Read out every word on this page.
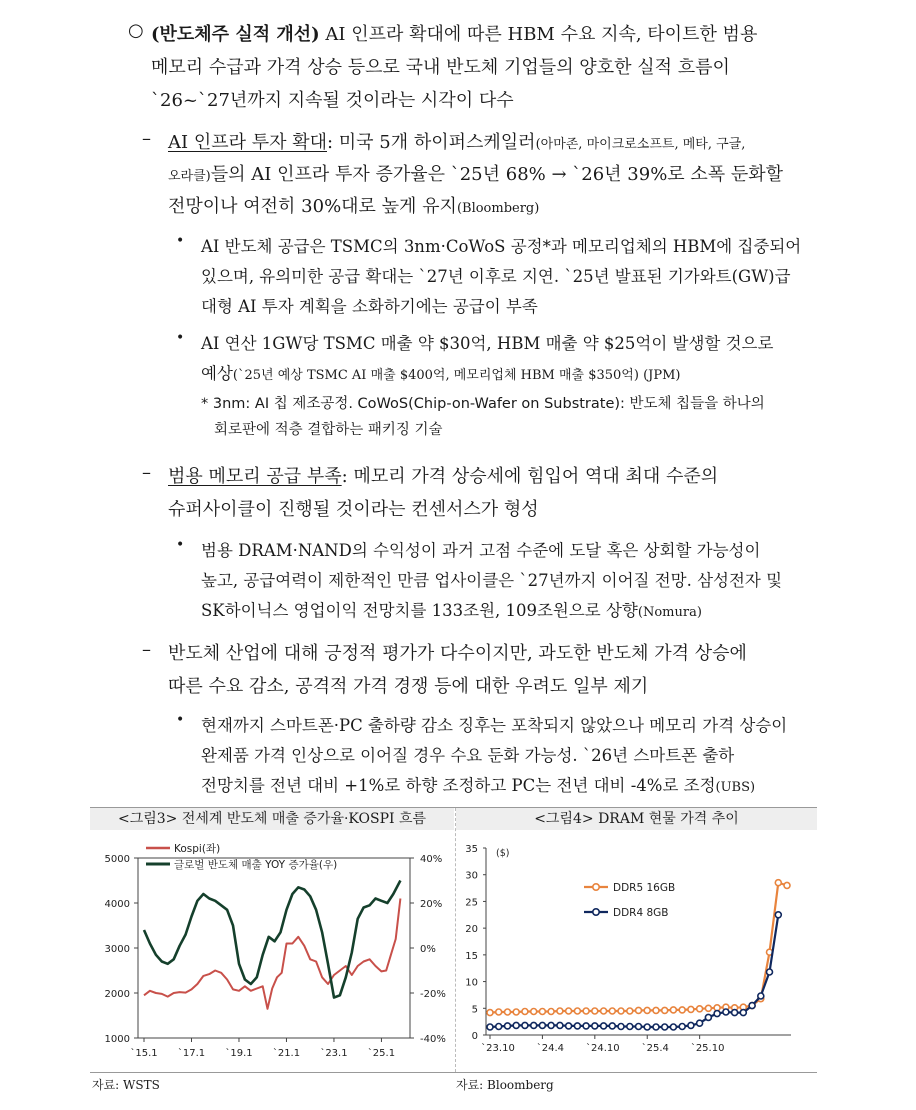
○ (반도체주 실적 개선) AI 인프라 확대에 따른 HBM 수요 지속, 타이트한 범용
메모리 수급과 가격 상승 등으로 국내 반도체 기업들의 양호한 실적 흐름이
`26~`27년까지 지속될 것이라는 시각이 다수
– AI 인프라 투자 확대: 미국 5개 하이퍼스케일러(아마존, 마이크로소프트, 메타, 구글,
오라클)들의 AI 인프라 투자 증가율은 `25년 68% → `26년 39%로 소폭 둔화할
전망이나 여전히 30%대로 높게 유지(Bloomberg)
• AI 반도체 공급은 TSMC의 3nm·CoWoS 공정*과 메모리업체의 HBM에 집중되어
있으며, 유의미한 공급 확대는 `27년 이후로 지연. `25년 발표된 기가와트(GW)급
대형 AI 투자 계획을 소화하기에는 공급이 부족
• AI 연산 1GW당 TSMC 매출 약 $30억, HBM 매출 약 $25억이 발생할 것으로
예상(`25년 예상 TSMC AI 매출 $400억, 메모리업체 HBM 매출 $350억) (JPM)
* 3nm: AI 칩 제조공정. CoWoS(Chip-on-Wafer on Substrate): 반도체 칩들을 하나의
회로판에 적층 결합하는 패키징 기술
– 범용 메모리 공급 부족: 메모리 가격 상승세에 힘입어 역대 최대 수준의
슈퍼사이클이 진행될 것이라는 컨센서스가 형성
• 범용 DRAM·NAND의 수익성이 과거 고점 수준에 도달 혹은 상회할 가능성이
높고, 공급여력이 제한적인 만큼 업사이클은 `27년까지 이어질 전망. 삼성전자 및
SK하이닉스 영업이익 전망치를 133조원, 109조원으로 상향(Nomura)
– 반도체 산업에 대해 긍정적 평가가 다수이지만, 과도한 반도체 가격 상승에
따른 수요 감소, 공격적 가격 경쟁 등에 대한 우려도 일부 제기
• 현재까지 스마트폰·PC 출하량 감소 징후는 포착되지 않았으나 메모리 가격 상승이
완제품 가격 인상으로 이어질 경우 수요 둔화 가능성. `26년 스마트폰 출하
전망치를 전년 대비 +1%로 하향 조정하고 PC는 전년 대비 -4%로 조정(UBS)
<그림3> 전세계 반도체 매출 증가율·KOSPI 흐름
5000
4000
3000
2000
1000
40%
20%
0%
-20%
-40%
`15.1 `17.1 `19.1 `21.1 `23.1 `25.1
Kospi(좌)
글로벌 반도체 매출 YOY 증가율(우)
자료: WSTS
<그림4> DRAM 현물 가격 추이
35
30
25
20
15
10
5
0
($)
`23.10 `24.4 `24.10 `25.4 `25.10
DDR5 16GB
DDR4 8GB
자료: Bloomberg
